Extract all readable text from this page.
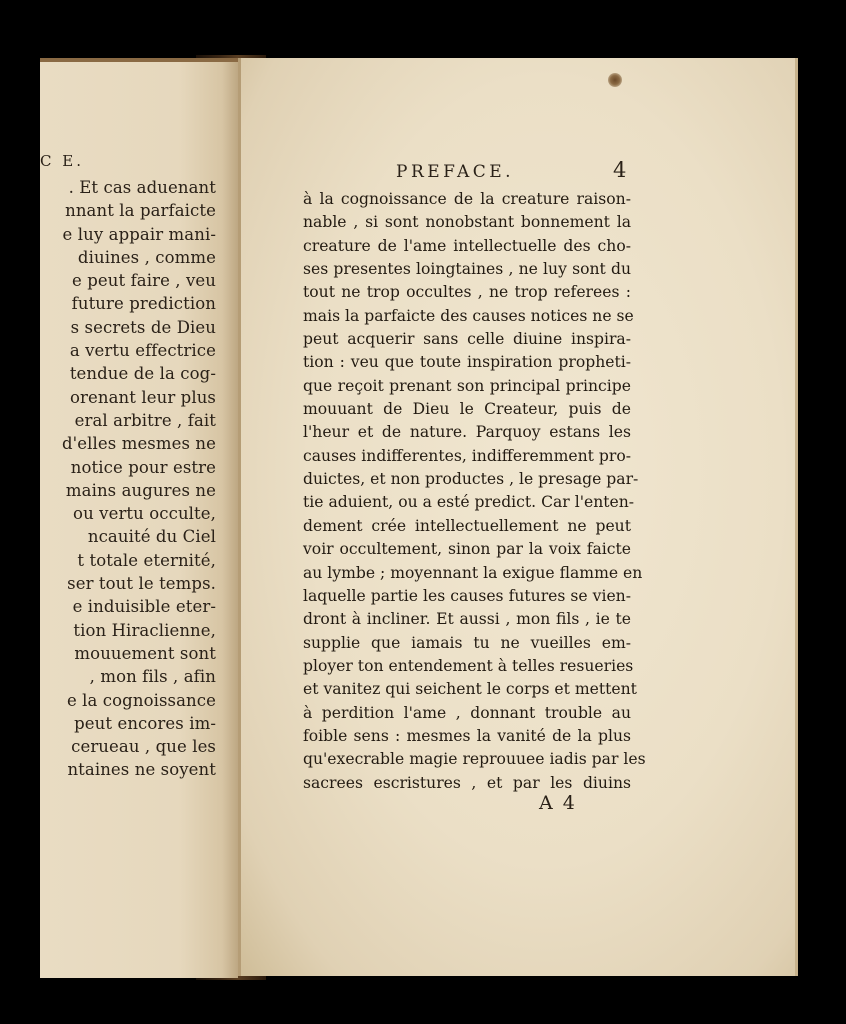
C E.
. Et cas aduenant
nnant la parfaicte
e luy appair mani-
diuines , comme
e peut faire , veu
future prediction
s secrets de Dieu
a vertu effectrice
tendue de la cog-
orenant leur plus
eral arbitre , fait
d'elles mesmes ne
notice pour estre
mains augures ne
ou vertu occulte,
ncauité du Ciel
t totale eternité,
ser tout le temps.
e induisible eter-
tion Hiraclienne,
mouuement sont
, mon fils , afin
e la cognoissance
peut encores im-
cerueau , que les
ntaines ne soyent
PREFACE.	4
à la cognoissance de la creature raison-
nable , si sont nonobstant bonnement la
creature de l'ame intellectuelle des cho-
ses presentes loingtaines , ne luy sont du
tout ne trop occultes , ne trop referees :
mais la parfaicte des causes notices ne se
peut acquerir sans celle diuine inspira-
tion : veu que toute inspiration propheti-
que reçoit prenant son principal principe
mouuant de Dieu le Createur, puis de
l'heur et de nature. Parquoy estans les
causes indifferentes, indifferemment pro-
duictes, et non productes , le presage par-
tie aduient, ou a esté predict. Car l'enten-
dement crée intellectuellement ne peut
voir occultement, sinon par la voix faicte
au lymbe ; moyennant la exigue flamme en
laquelle partie les causes futures se vien-
dront à incliner. Et aussi , mon fils , ie te
supplie que iamais tu ne vueilles em-
ployer ton entendement à telles resueries
et vanitez qui seichent le corps et mettent
à perdition l'ame , donnant trouble au
foible sens : mesmes la vanité de la plus
qu'execrable magie reprouuee iadis par les
sacrees escristures , et par les diuins
A 4
